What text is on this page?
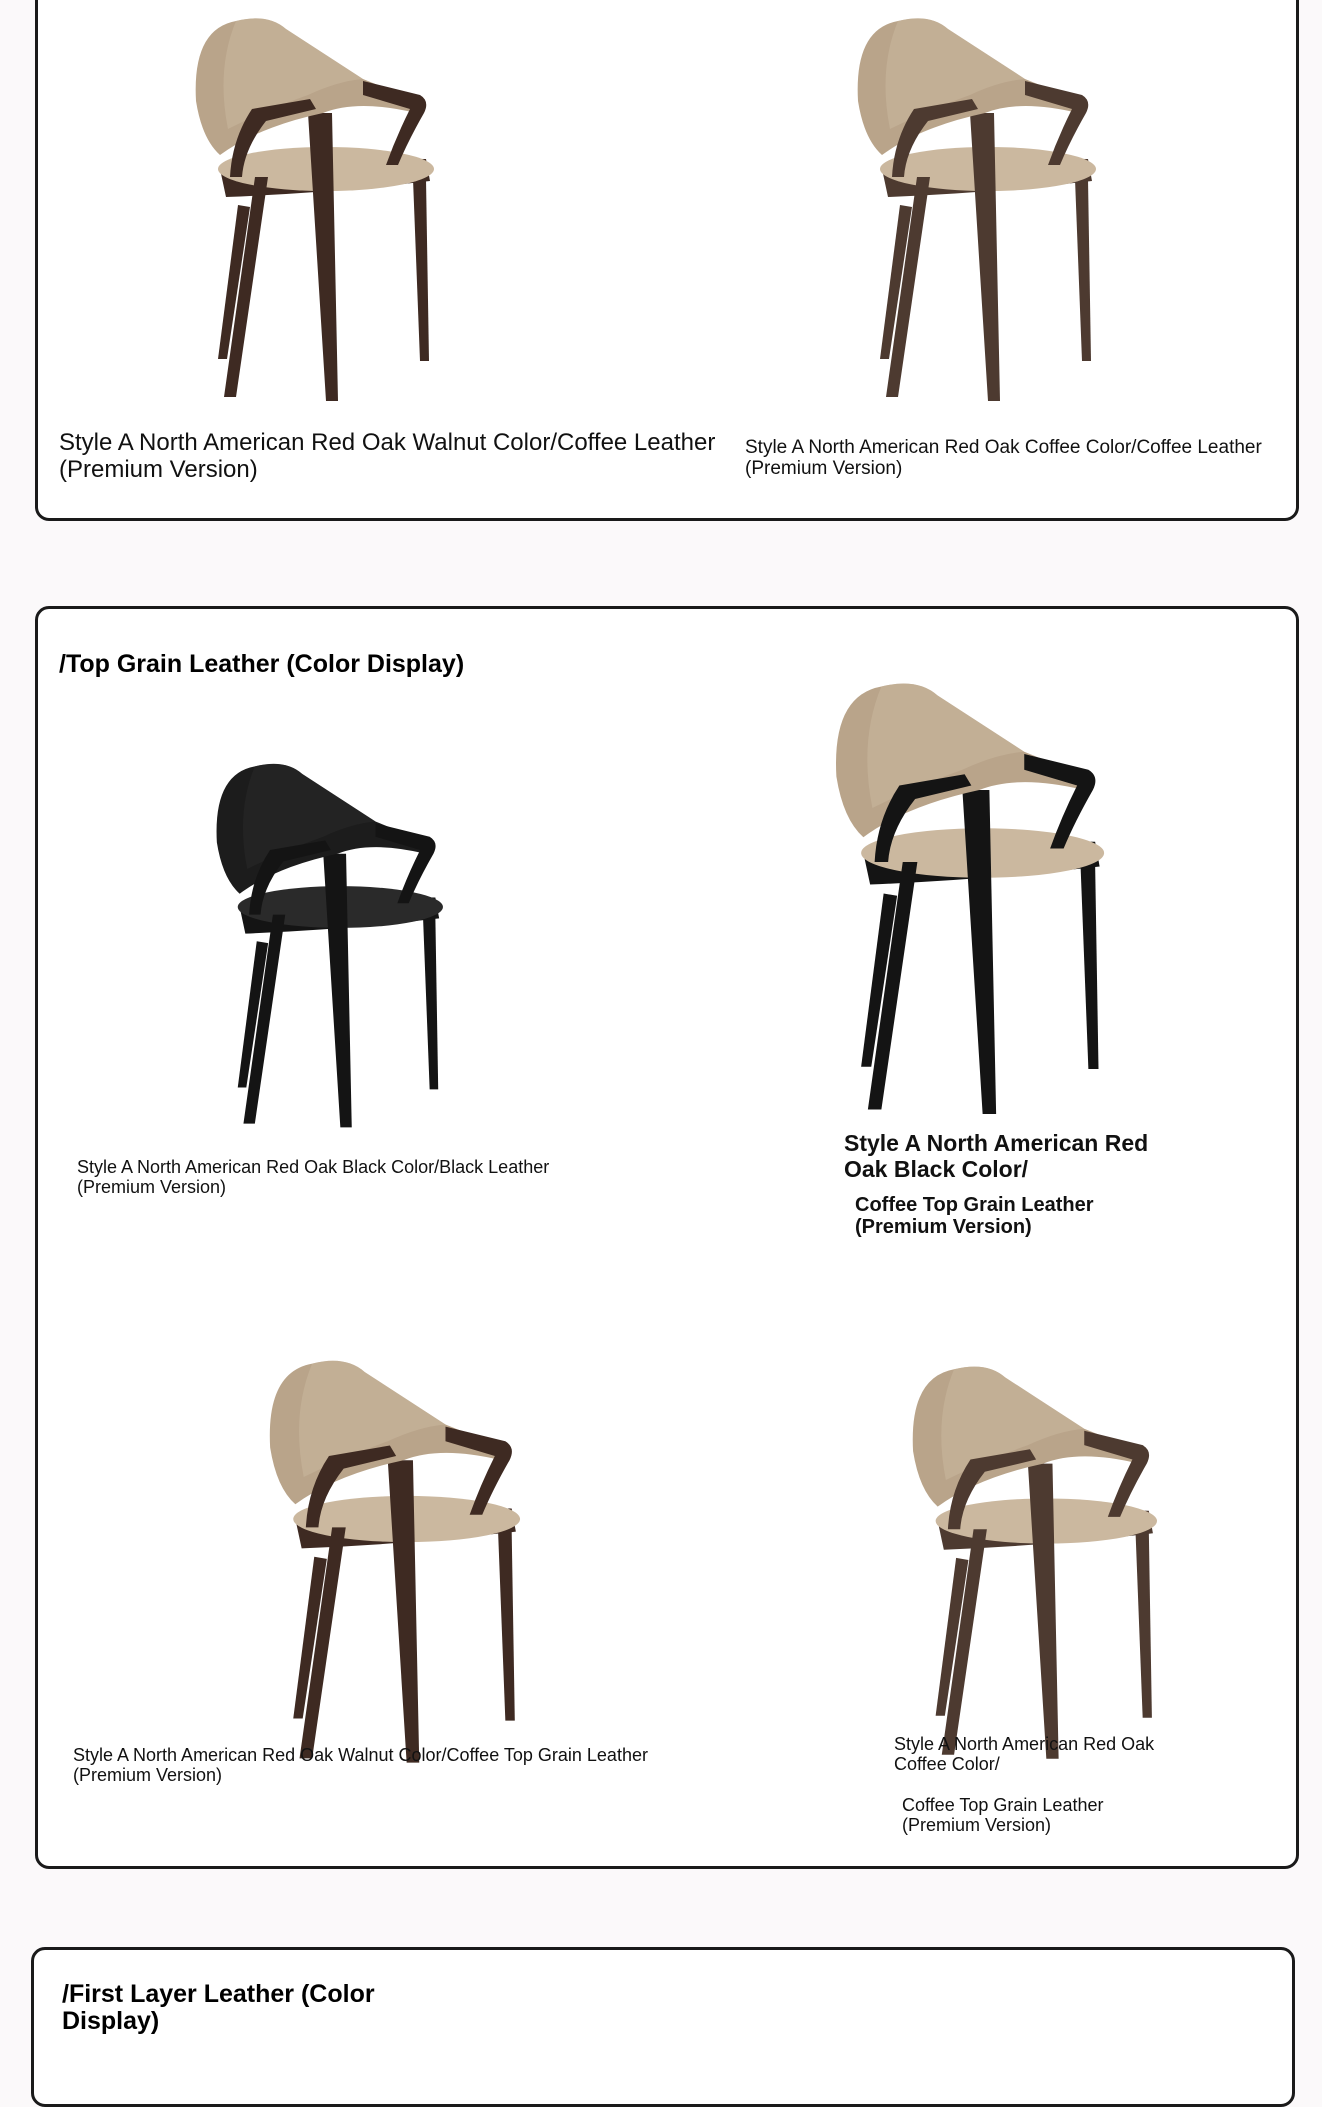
Style A North American Red Oak Walnut Color/Coffee Leather (Premium Version)
Style A North American Red Oak Coffee Color/Coffee Leather (Premium Version)
/Top Grain Leather (Color Display)
Style A North American Red Oak Black Color/Black Leather (Premium Version)
Style A North American Red Oak Black Color/
Coffee Top Grain Leather (Premium Version)
Style A North American Red Oak Walnut Color/Coffee Top Grain Leather (Premium Version)
Style A North American Red Oak Coffee Color/
Coffee Top Grain Leather (Premium Version)
/First Layer Leather (Color Display)
